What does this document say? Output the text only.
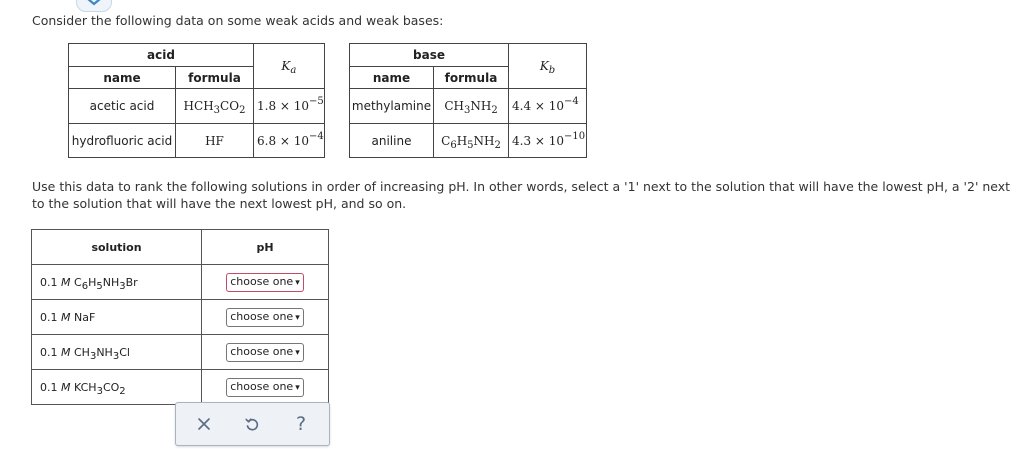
Consider the following data on some weak acids and weak bases:
acid		$K_a$
name	formula	
acetic acid	$HCH_3CO_2$	$1.8 \times 10^{-5}$
hydrofluoric acid	HF	$6.8 \times 10^{-4}$
base		$K_b$
name	formula	
methylamine	$CH_3NH_2$	$4.4 \times 10^{-4}$
aniline	$C_6H_5NH_2$	$4.3 \times 10^{-10}$
Use this data to rank the following solutions in order of increasing pH. In other words, select a '1' next to the solution that will have the lowest pH, a '2' next to the solution that will have the next lowest pH, and so on.
solution	pH
0.1 M $C_6H_5NH_3Br$	choose one ▾
0.1 M NaF	choose one ▾
0.1 M $CH_3NH_3Cl$	choose one ▾
0.1 M $KCH_3CO_2$	choose one ▾
?
